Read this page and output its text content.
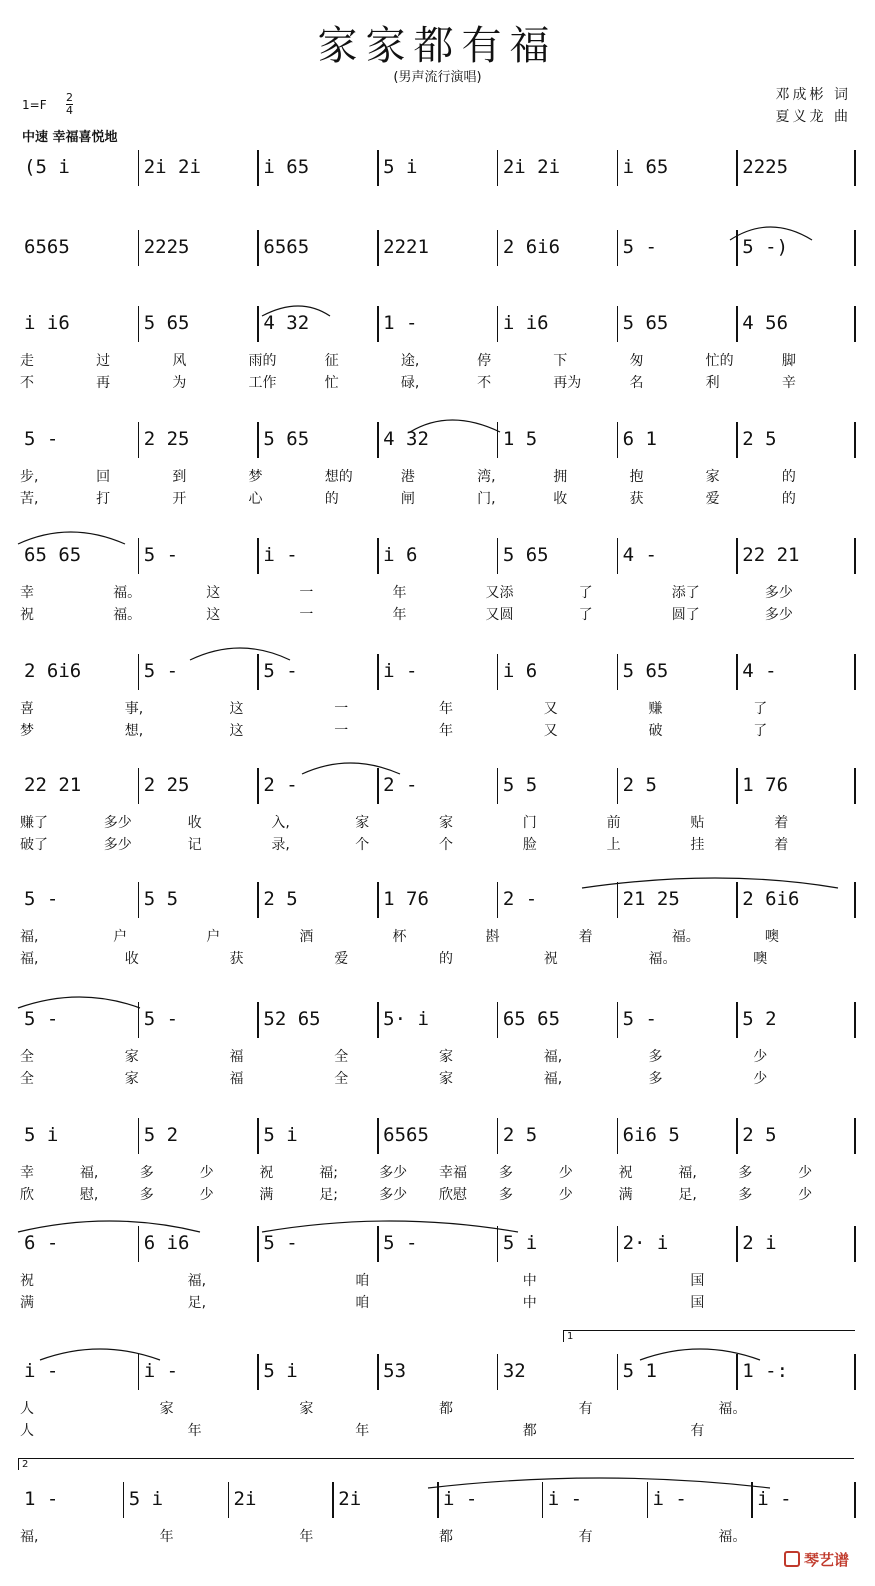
家家都有福
(男声流行演唱)
邓成彬 词
夏义龙 曲
$1=F \frac{2}{4}$
中速 幸福喜悦地
(5 i	2i 2i	i 65	5 i	2i 2i	i 65	2225
6565	2225	6565	2221	2 6i6	5 -	5 -)
i i6	5 65	4 32	1 -	i i6	5 65	4 56
走	过	风	雨的	征	途,	停	下	匆	忙的	脚
不	再	为	工作	忙	碌,	不	再为	名	利	辛
5 -	2 25	5 65	4 32	1 5	6 1	2 5
步,	回	到	梦	想的	港	湾,	拥	抱	家	的
苦,	打	开	心	的	闸	门,	收	获	爱	的
65 65	5 -	i -	i 6	5 65	4 -	22 21
幸	福。	这	一	年	又添	了	添了	多少
祝	福。	这	一	年	又圆	了	圆了	多少
2 6i6	5 -	5 -	i -	i 6	5 65	4 -
喜	事,	这	一	年	又	赚	了
梦	想,	这	一	年	又	破	了
22 21	2 25	2 -	2 -	5 5	2 5	1 76
赚了	多少	收	入,	家	家	门	前	贴	着
破了	多少	记	录,	个	个	脸	上	挂	着
5 -	5 5	2 5	1 76	2 -	21 25	2 6i6
福,	户	户	酒	杯	斟	着	福。	噢
福,	收	获	爱	的	祝	福。	噢
5 -	5 -	52 65	5· i	65 65	5 -	5 2
全	家	福	全	家	福,	多	少
全	家	福	全	家	福,	多	少
5 i	5 2	5 i	6565	2 5	6i6 5	2 5
幸	福,	多	少	祝	福;	多少 幸福 多	少	祝	福,	多	少
欣	慰,	多	少	满	足;	多少 欣慰 多	少	满	足,	多	少
6 -	6 i6	5 -	5 -	5 i	2· i	2 i
祝	福,	咱	中	国
满	足,	咱	中	国
i -	i -	5 i	53	32	5 1	1 -:
人	家	家	都	有	福。
人	年	年	都	有
1 -	5 i	2i	2i	i -	i -	i -	i -
福,	年	年	都	有	福。
1
2
琴艺谱
